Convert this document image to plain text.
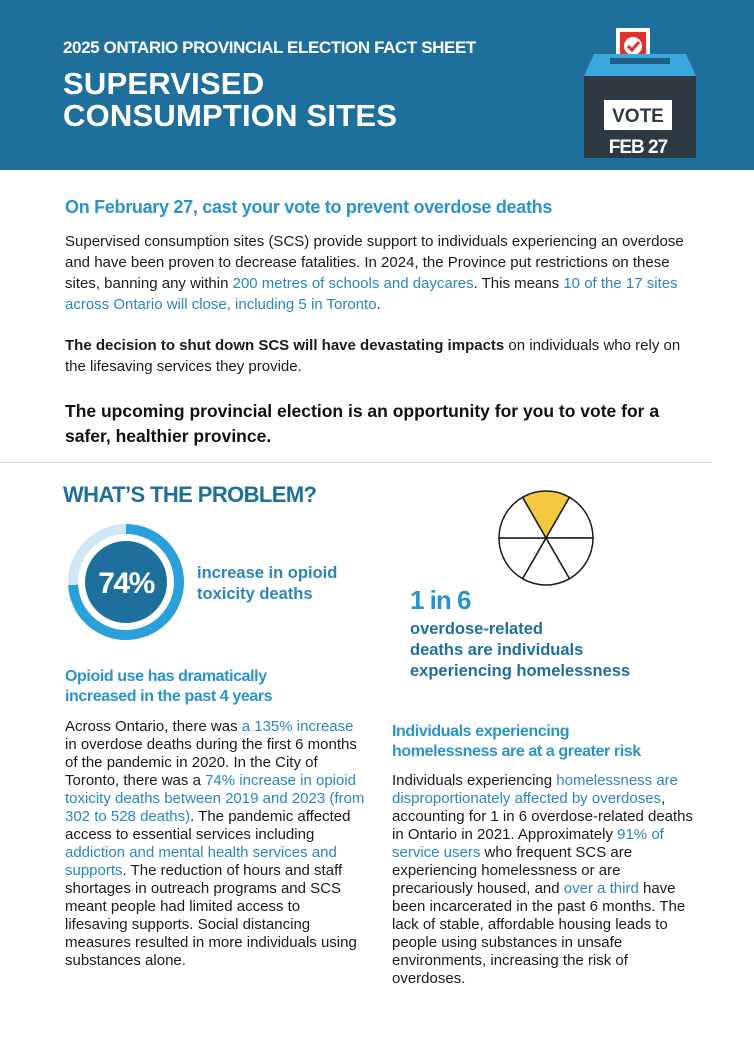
2025 ONTARIO PROVINCIAL ELECTION FACT SHEET
SUPERVISED
CONSUMPTION SITES	VOTE
FEB 27
On February 27, cast your vote to prevent overdose deaths
Supervised consumption sites (SCS) provide support to individuals experiencing an overdose and have been proven to decrease fatalities. In 2024, the Province put restrictions on these sites, banning any within 200 metres of schools and daycares. This means 10 of the 17 sites across Ontario will close, including 5 in Toronto.
The decision to shut down SCS will have devastating impacts on individuals who rely on the lifesaving services they provide.
The upcoming provincial election is an opportunity for you to vote for a safer, healthier province.
WHAT’S THE PROBLEM?
74%	increase in opioid
toxicity deaths	1 in 6
overdose-related
deaths are individuals
experiencing homelessness
Opioid use has dramatically
increased in the past 4 years
Across Ontario, there was a 135% increase in overdose deaths during the first 6 months of the pandemic in 2020. In the City of Toronto, there was a 74% increase in opioid toxicity deaths between 2019 and 2023 (from 302 to 528 deaths). The pandemic affected access to essential services including addiction and mental health services and supports. The reduction of hours and staff shortages in outreach programs and SCS meant people had limited access to lifesaving supports. Social distancing measures resulted in more individuals using substances alone.
Individuals experiencing
homelessness are at a greater risk
Individuals experiencing homelessness are disproportionately affected by overdoses, accounting for 1 in 6 overdose-related deaths in Ontario in 2021. Approximately 91% of service users who frequent SCS are experiencing homelessness or are precariously housed, and over a third have been incarcerated in the past 6 months. The lack of stable, affordable housing leads to people using substances in unsafe environments, increasing the risk of overdoses.
